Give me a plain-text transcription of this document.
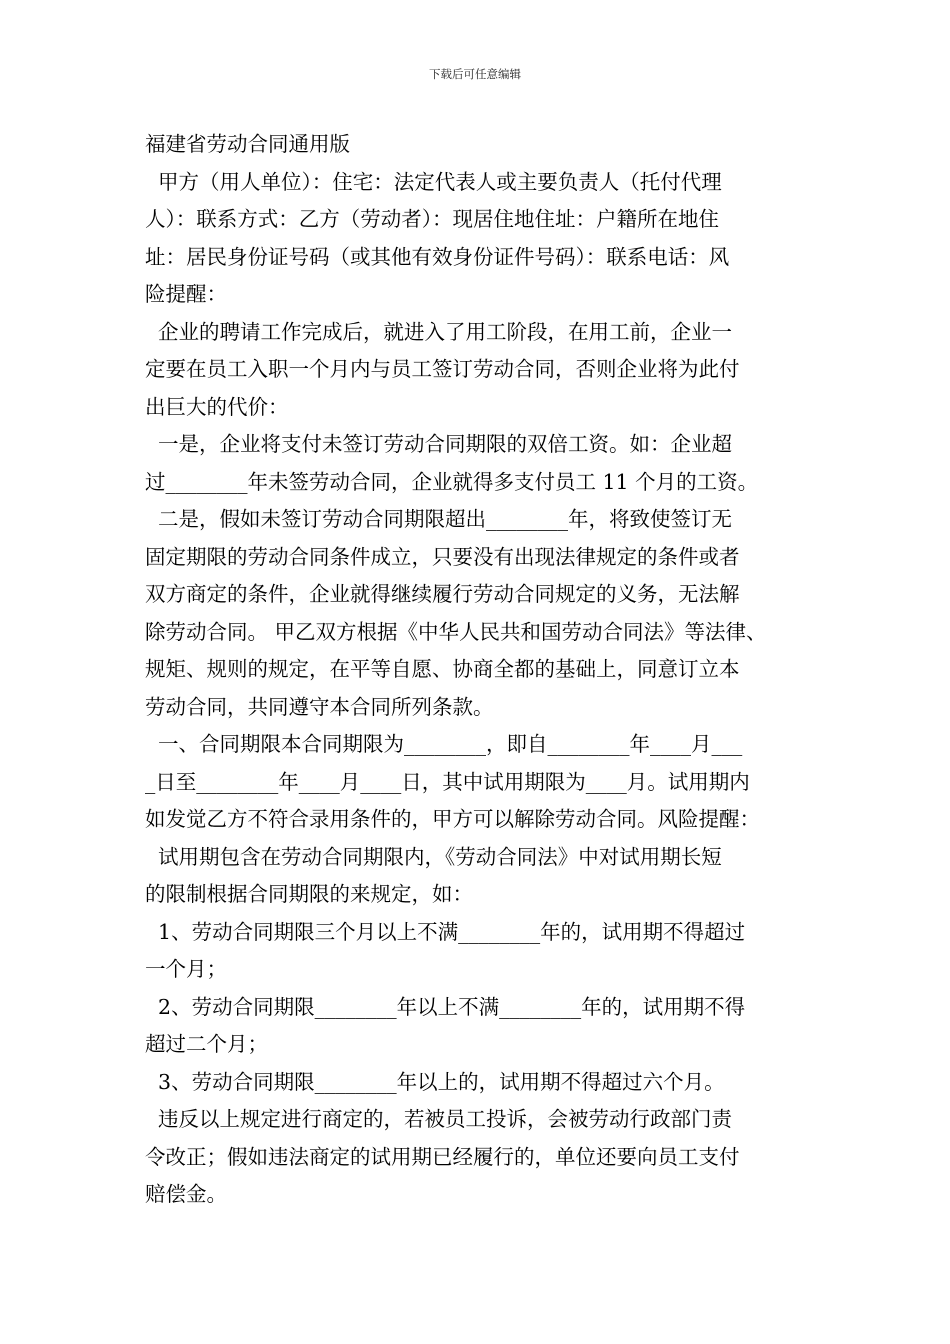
下载后可任意编辑

福建省劳动合同通用版

甲方（用人单位）：住宅：法定代表人或主要负责人（托付代理

人）：联系方式：乙方（劳动者）：现居住地住址：户籍所在地住

址：居民身份证号码（或其他有效身份证件号码）：联系电话：风

险提醒：

企业的聘请工作完成后，就进入了用工阶段，在用工前，企业一

定要在员工入职一个月内与员工签订劳动合同，否则企业将为此付

出巨大的代价：

一是，企业将支付未签订劳动合同期限的双倍工资。如：企业超

过________年未签劳动合同，企业就得多支付员工 11 个月的工资。

二是，假如未签订劳动合同期限超出________年，将致使签订无

固定期限的劳动合同条件成立，只要没有出现法律规定的条件或者

双方商定的条件，企业就得继续履行劳动合同规定的义务，无法解

除劳动合同。 甲乙双方根据《中华人民共和国劳动合同法》等法律、

规矩、规则的规定，在平等自愿、协商全都的基础上，同意订立本

劳动合同，共同遵守本合同所列条款。

一、合同期限本合同期限为________，即自________年____月___

_日至________年____月____日，其中试用期限为____月。试用期内

如发觉乙方不符合录用条件的，甲方可以解除劳动合同。风险提醒：

试用期包含在劳动合同期限内，《劳动合同法》中对试用期长短

的限制根据合同期限的来规定，如：

1、劳动合同期限三个月以上不满________年的，试用期不得超过

一个月；

2、劳动合同期限________年以上不满________年的，试用期不得

超过二个月；

3、劳动合同期限________年以上的，试用期不得超过六个月。

违反以上规定进行商定的，若被员工投诉，会被劳动行政部门责

令改正；假如违法商定的试用期已经履行的，单位还要向员工支付

赔偿金。
